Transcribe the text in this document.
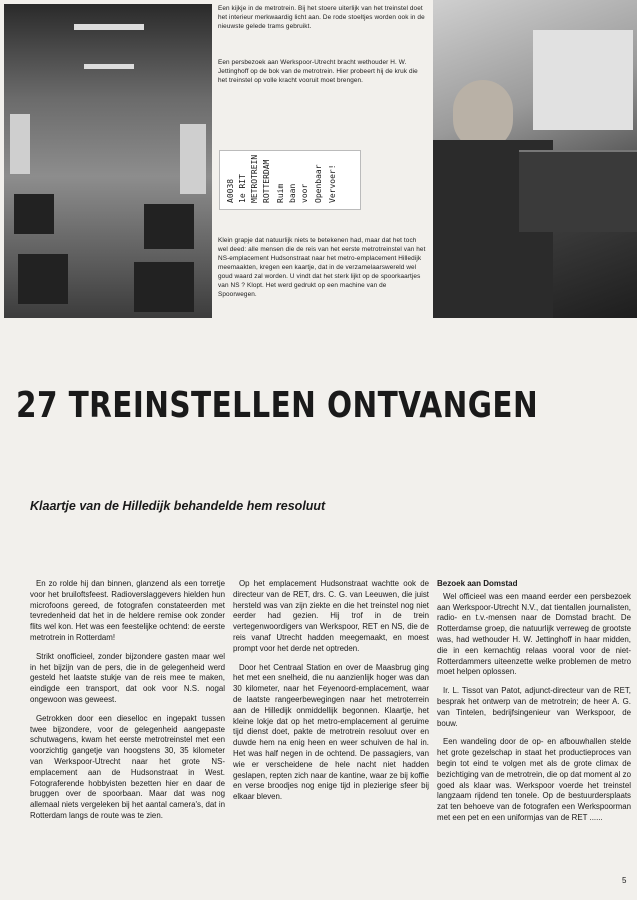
Een kijkje in de metrotrein. Bij het stoere uiterlijk van het treinstel doet het interieur merkwaardig licht aan. De rode stoeltjes worden ook in de nieuwste gelede trams gebruikt.
Een persbezoek aan Werkspoor-Utrecht bracht wethouder H. W. Jettinghoff op de bok van de metrotrein. Hier probeert hij de kruk die het treinstel op volle kracht vooruit moet brengen.
A0038 1e RIT METROTREIN ROTTERDAM Ruim baan voor Openbaar Vervoer!
Klein grapje dat natuurlijk niets te betekenen had, maar dat het toch wel deed: alle mensen die de reis van het eerste metrotreinstel van het NS-emplacement Hudsonstraat naar het metro-emplacement Hilledijk meemaakten, kregen een kaartje, dat in de verzamelaarswereld wel goud waard zal worden. U vindt dat het sterk lijkt op de spoorkaartjes van NS ? Klopt. Het werd gedrukt op een machine van de Spoorwegen.
27 TREINSTELLEN ONTVANGEN
Klaartje van de Hilledijk behandelde hem resoluut

En zo rolde hij dan binnen, glanzend als een torretje voor het bruiloftsfeest. Radioverslaggevers hielden hun microfoons gereed, de fotografen constateerden met tevredenheid dat het in de heldere remise ook zonder flits wel kon. Het was een feestelijke ochtend: de eerste metrotrein in Rotterdam!

Strikt onofficieel, zonder bijzondere gasten maar wel in het bijzijn van de pers, die in de gelegenheid werd gesteld het laatste stukje van de reis mee te maken, eindigde een transport, dat ook voor N.S. nogal ongewoon was geweest.

Getrokken door een dieselloc en ingepakt tussen twee bijzondere, voor de gelegenheid aangepaste schutwagens, kwam het eerste metrotreinstel met een voorzichtig gangetje van hoogstens 30, 35 kilometer van Werkspoor-Utrecht naar het grote NS-emplacement aan de Hudsonstraat in West. Fotograferende hobbyisten bezetten hier en daar de bruggen over de spoorbaan. Maar dat was nog allemaal niets vergeleken bij het aantal camera's, dat in Rotterdam langs de route was te zien.

Op het emplacement Hudsonstraat wachtte ook de directeur van de RET, drs. C. G. van Leeuwen, die juist hersteld was van zijn ziekte en die het treinstel nog niet eerder had gezien. Hij trof in de trein vertegenwoordigers van Werkspoor, RET en NS, die de reis vanaf Utrecht hadden meegemaakt, en moest prompt voor het derde net optreden.

Door het Centraal Station en over de Maasbrug ging het met een snelheid, die nu aanzienlijk hoger was dan 30 kilometer, naar het Feyenoord-emplacement, waar de laatste rangeerbewegingen naar het metroterrein aan de Hilledijk onmiddellijk begonnen. Klaartje, het kleine lokje dat op het metro-emplacement al geruime tijd dienst doet, pakte de metrotrein resoluut over en duwde hem na enig heen en weer schuiven de hal in. Het was half negen in de ochtend. De passagiers, van wie er verscheidene de hele nacht niet hadden geslapen, repten zich naar de kantine, waar ze bij koffie en verse broodjes nog enige tijd in plezierige sfeer bij elkaar bleven.

Bezoek aan Domstad

Wel officieel was een maand eerder een persbezoek aan Werkspoor-Utrecht N.V., dat tientallen journalisten, radio- en t.v.-mensen naar de Domstad bracht. De Rotterdamse groep, die natuurlijk verreweg de grootste was, had wethouder H. W. Jettinghoff in haar midden, die in een kernachtig relaas vooral voor de niet-Rotterdammers uiteenzette welke problemen de metro moet helpen oplossen.

Ir. L. Tissot van Patot, adjunct-directeur van de RET, besprak het ontwerp van de metrotrein; de heer A. G. van Tintelen, bedrijfsingenieur van Werkspoor, de bouw.

Een wandeling door de op- en afbouwhallen stelde het grote gezelschap in staat het productieproces van begin tot eind te volgen met als de grote climax de bezichtiging van de metrotrein, die op dat moment al zo goed als klaar was. Werkspoor voerde het treinstel langzaam rijdend ten tonele. Op de bestuurdersplaats zat ten behoeve van de fotografen een Werkspoorman met een pet en een uniformjas van de RET ......

5
